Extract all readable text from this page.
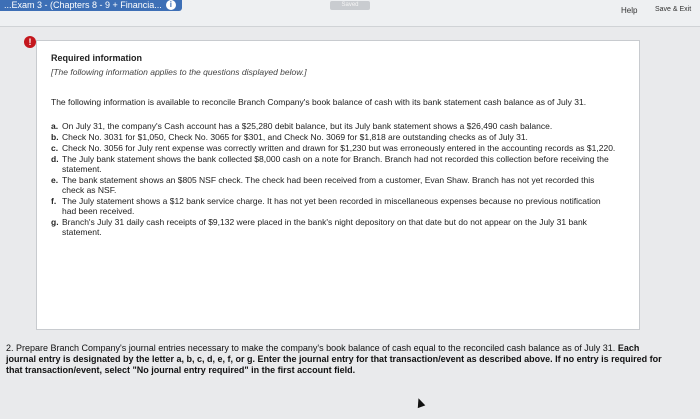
...Exam 3 - (Chapters 8 - 9 + Financia... i	Saved
Help	Save & Exit
!
Required information
[The following information applies to the questions displayed below.]
The following information is available to reconcile Branch Company's book balance of cash with its bank statement cash balance as of July 31.
a. On July 31, the company's Cash account has a $25,280 debit balance, but its July bank statement shows a $26,490 cash balance.
b. Check No. 3031 for $1,050, Check No. 3065 for $301, and Check No. 3069 for $1,818 are outstanding checks as of July 31.
c. Check No. 3056 for July rent expense was correctly written and drawn for $1,230 but was erroneously entered in the accounting records as $1,220.
d. The July bank statement shows the bank collected $8,000 cash on a note for Branch. Branch had not recorded this collection before receiving the statement.
e. The bank statement shows an $805 NSF check. The check had been received from a customer, Evan Shaw. Branch has not yet recorded this check as NSF.
f. The July statement shows a $12 bank service charge. It has not yet been recorded in miscellaneous expenses because no previous notification had been received.
g. Branch's July 31 daily cash receipts of $9,132 were placed in the bank's night depository on that date but do not appear on the July 31 bank statement.
2. Prepare Branch Company's journal entries necessary to make the company's book balance of cash equal to the reconciled cash balance as of July 31. Each journal entry is designated by the letter a, b, c, d, e, f, or g. Enter the journal entry for that transaction/event as described above. If no entry is required for that transaction/event, select "No journal entry required" in the first account field.
